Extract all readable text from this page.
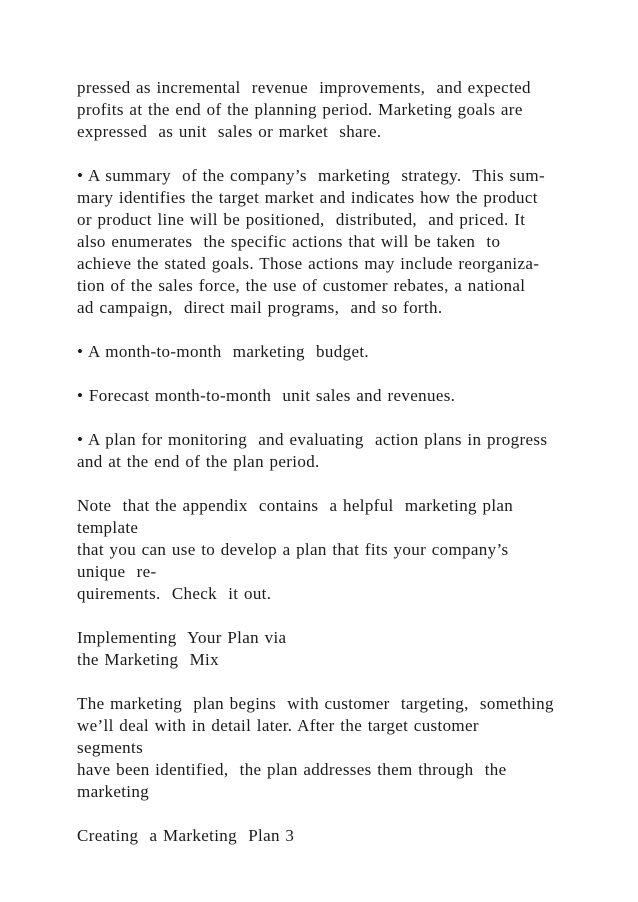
pressed as incremental  revenue  improvements,  and expected
profits at the end of the planning period. Marketing goals are
expressed  as unit  sales or market  share.
• A summary  of the company’s  marketing  strategy.  This sum-
mary identifies the target market and indicates how the product
or product line will be positioned,  distributed,  and priced. It
also enumerates  the specific actions that will be taken  to
achieve the stated goals. Those actions may include reorganiza-
tion of the sales force, the use of customer rebates, a national
ad campaign,  direct mail programs,  and so forth.
• A month-to-month  marketing  budget.
• Forecast month-to-month  unit sales and revenues.
• A plan for monitoring  and evaluating  action plans in progress
and at the end of the plan period.
Note  that the appendix  contains  a helpful  marketing plan
template
that you can use to develop a plan that fits your company’s
unique  re-
quirements.  Check  it out.
Implementing  Your Plan via
the Marketing  Mix
The marketing  plan begins  with customer  targeting,  something
we’ll deal with in detail later. After the target customer
segments
have been identified,  the plan addresses them through  the
marketing
Creating  a Marketing  Plan 3
